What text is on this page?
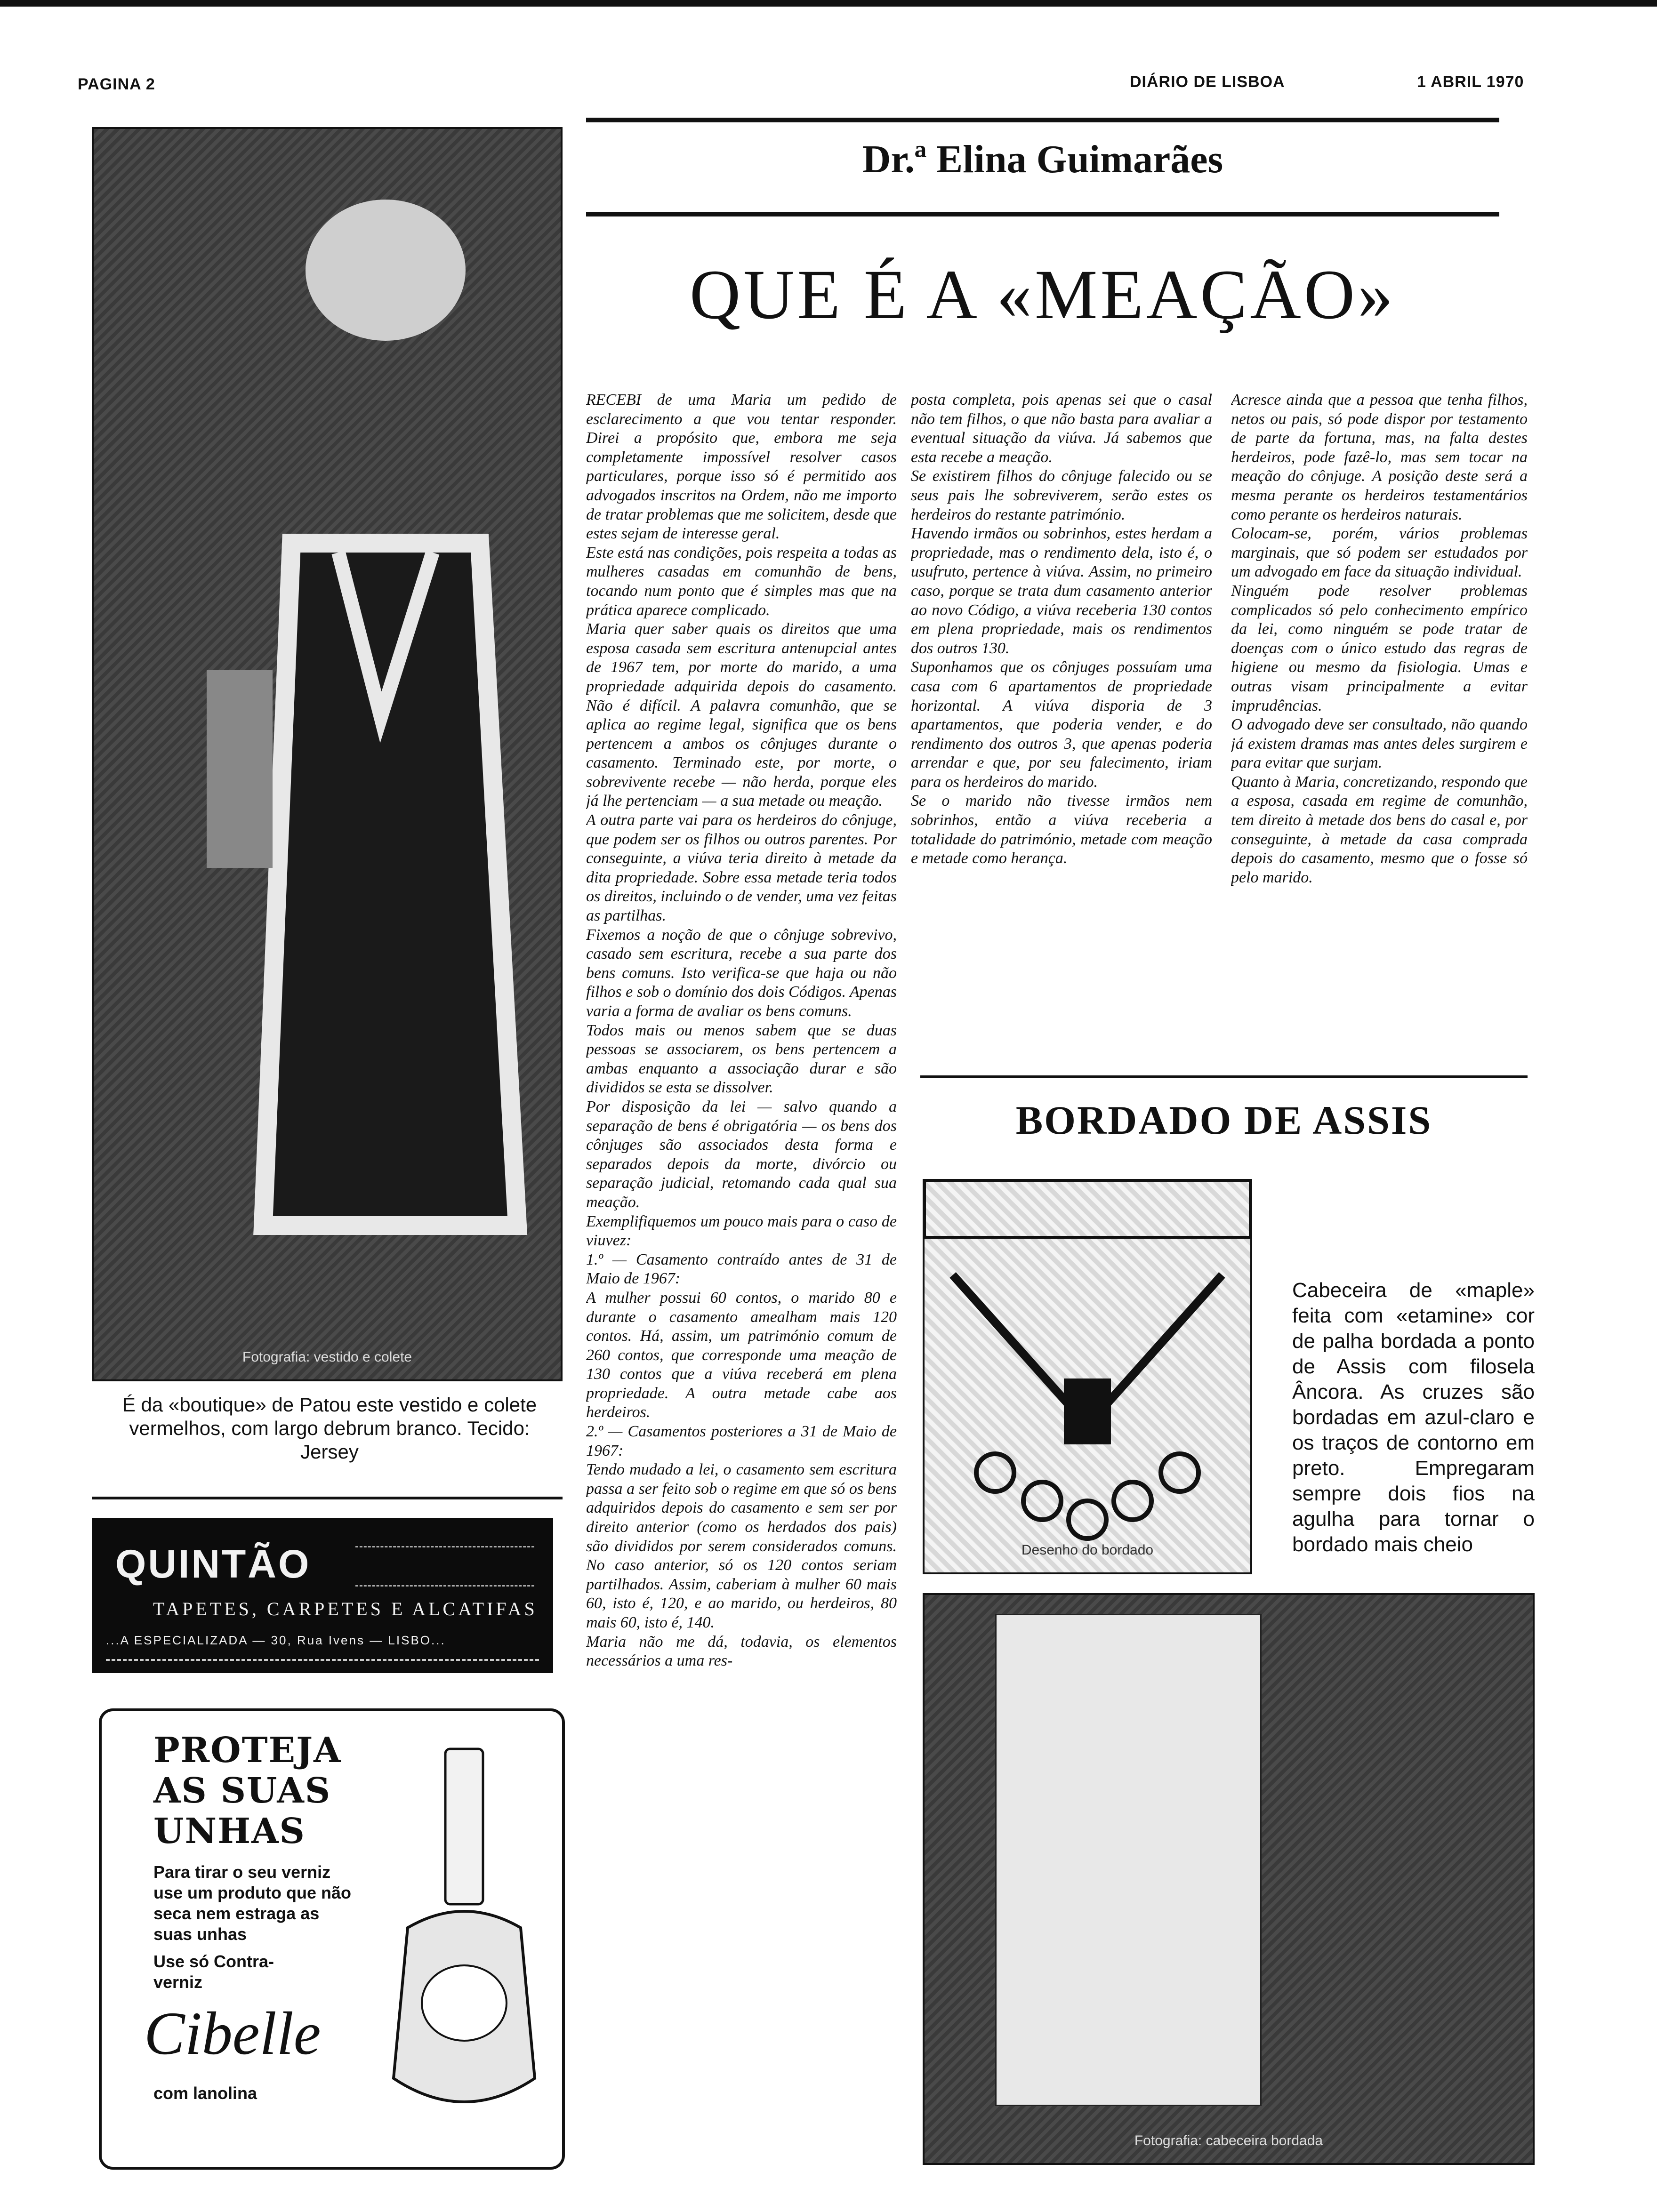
PAGINA 2	DIÁRIO DE LISBOA	1 ABRIL 1970
Fotografia: vestido e colete
É da «boutique» de Patou este vestido e colete vermelhos, com largo debrum branco. Tecido: Jersey
QUINTÃO
TAPETES, CARPETES E ALCATIFAS
...A ESPECIALIZADA — 30, Rua Ivens — LISBO...
PROTEJA
AS SUAS
UNHAS
Para tirar o seu verniz use um produto que não seca nem estraga as suas unhas
Use só Contra-verniz
Cibelle
com lanolina
Dr.ª Elina Guimarães
QUE É A «MEAÇÃO»
RECEBI de uma Maria um pedido de esclarecimento a que vou tentar responder. Direi a propósito que, embora me seja completamente impossível resolver casos particulares, porque isso só é permitido aos advogados inscritos na Ordem, não me importo de tratar problemas que me solicitem, desde que estes sejam de interesse geral.
Este está nas condições, pois respeita a todas as mulheres casadas em comunhão de bens, tocando num ponto que é simples mas que na prática aparece complicado.
Maria quer saber quais os direitos que uma esposa casada sem escritura antenupcial antes de 1967 tem, por morte do marido, a uma propriedade adquirida depois do casamento. Não é difícil. A palavra comunhão, que se aplica ao regime legal, significa que os bens pertencem a ambos os cônjuges durante o casamento. Terminado este, por morte, o sobrevivente recebe — não herda, porque eles já lhe pertenciam — a sua metade ou meação.
A outra parte vai para os herdeiros do cônjuge, que podem ser os filhos ou outros parentes. Por conseguinte, a viúva teria direito à metade da dita propriedade. Sobre essa metade teria todos os direitos, incluindo o de vender, uma vez feitas as partilhas.
Fixemos a noção de que o cônjuge sobrevivo, casado sem escritura, recebe a sua parte dos bens comuns. Isto verifica-se que haja ou não filhos e sob o domínio dos dois Códigos. Apenas varia a forma de avaliar os bens comuns.
Todos mais ou menos sabem que se duas pessoas se associarem, os bens pertencem a ambas enquanto a associação durar e são divididos se esta se dissolver.
Por disposição da lei — salvo quando a separação de bens é obrigatória — os bens dos cônjuges são associados desta forma e separados depois da morte, divórcio ou separação judicial, retomando cada qual sua meação.
Exemplifiquemos um pouco mais para o caso de viuvez:
1.º — Casamento contraído antes de 31 de Maio de 1967:
A mulher possui 60 contos, o marido 80 e durante o casamento amealham mais 120 contos. Há, assim, um património comum de 260 contos, que corresponde uma meação de 130 contos que a viúva receberá em plena propriedade. A outra metade cabe aos herdeiros.
2.º — Casamentos posteriores a 31 de Maio de 1967:
Tendo mudado a lei, o casamento sem escritura passa a ser feito sob o regime em que só os bens adquiridos depois do casamento e sem ser por direito anterior (como os herdados dos pais) são divididos por serem considerados comuns. No caso anterior, só os 120 contos seriam partilhados. Assim, caberiam à mulher 60 mais 60, isto é, 120, e ao marido, ou herdeiros, 80 mais 60, isto é, 140.
Maria não me dá, todavia, os elementos necessários a uma res-
posta completa, pois apenas sei que o casal não tem filhos, o que não basta para avaliar a eventual situação da viúva. Já sabemos que esta recebe a meação.
Se existirem filhos do cônjuge falecido ou se seus pais lhe sobreviverem, serão estes os herdeiros do restante património.
Havendo irmãos ou sobrinhos, estes herdam a propriedade, mas o rendimento dela, isto é, o usufruto, pertence à viúva. Assim, no primeiro caso, porque se trata dum casamento anterior ao novo Código, a viúva receberia 130 contos em plena propriedade, mais os rendimentos dos outros 130.
Suponhamos que os cônjuges possuíam uma casa com 6 apartamentos de propriedade horizontal. A viúva disporia de 3 apartamentos, que poderia vender, e do rendimento dos outros 3, que apenas poderia arrendar e que, por seu falecimento, iriam para os herdeiros do marido.
Se o marido não tivesse irmãos nem sobrinhos, então a viúva receberia a totalidade do património, metade com meação e metade como herança.
Acresce ainda que a pessoa que tenha filhos, netos ou pais, só pode dispor por testamento de parte da fortuna, mas, na falta destes herdeiros, pode fazê-lo, mas sem tocar na meação do cônjuge. A posição deste será a mesma perante os herdeiros testamentários como perante os herdeiros naturais.
Colocam-se, porém, vários problemas marginais, que só podem ser estudados por um advogado em face da situação individual.
Ninguém pode resolver problemas complicados só pelo conhecimento empírico da lei, como ninguém se pode tratar de doenças com o único estudo das regras de higiene ou mesmo da fisiologia. Umas e outras visam principalmente a evitar imprudências.
O advogado deve ser consultado, não quando já existem dramas mas antes deles surgirem e para evitar que surjam.
Quanto à Maria, concretizando, respondo que a esposa, casada em regime de comunhão, tem direito à metade dos bens do casal e, por conseguinte, à metade da casa comprada depois do casamento, mesmo que o fosse só pelo marido.
BORDADO DE ASSIS
Desenho do bordado
Cabeceira de «maple» feita com «etamine» cor de palha bordada a ponto de Assis com filosela Âncora. As cruzes são bordadas em azul-claro e os traços de contorno em preto. Empregaram sempre dois fios na agulha para tornar o bordado mais cheio
Fotografia: cabeceira bordada
